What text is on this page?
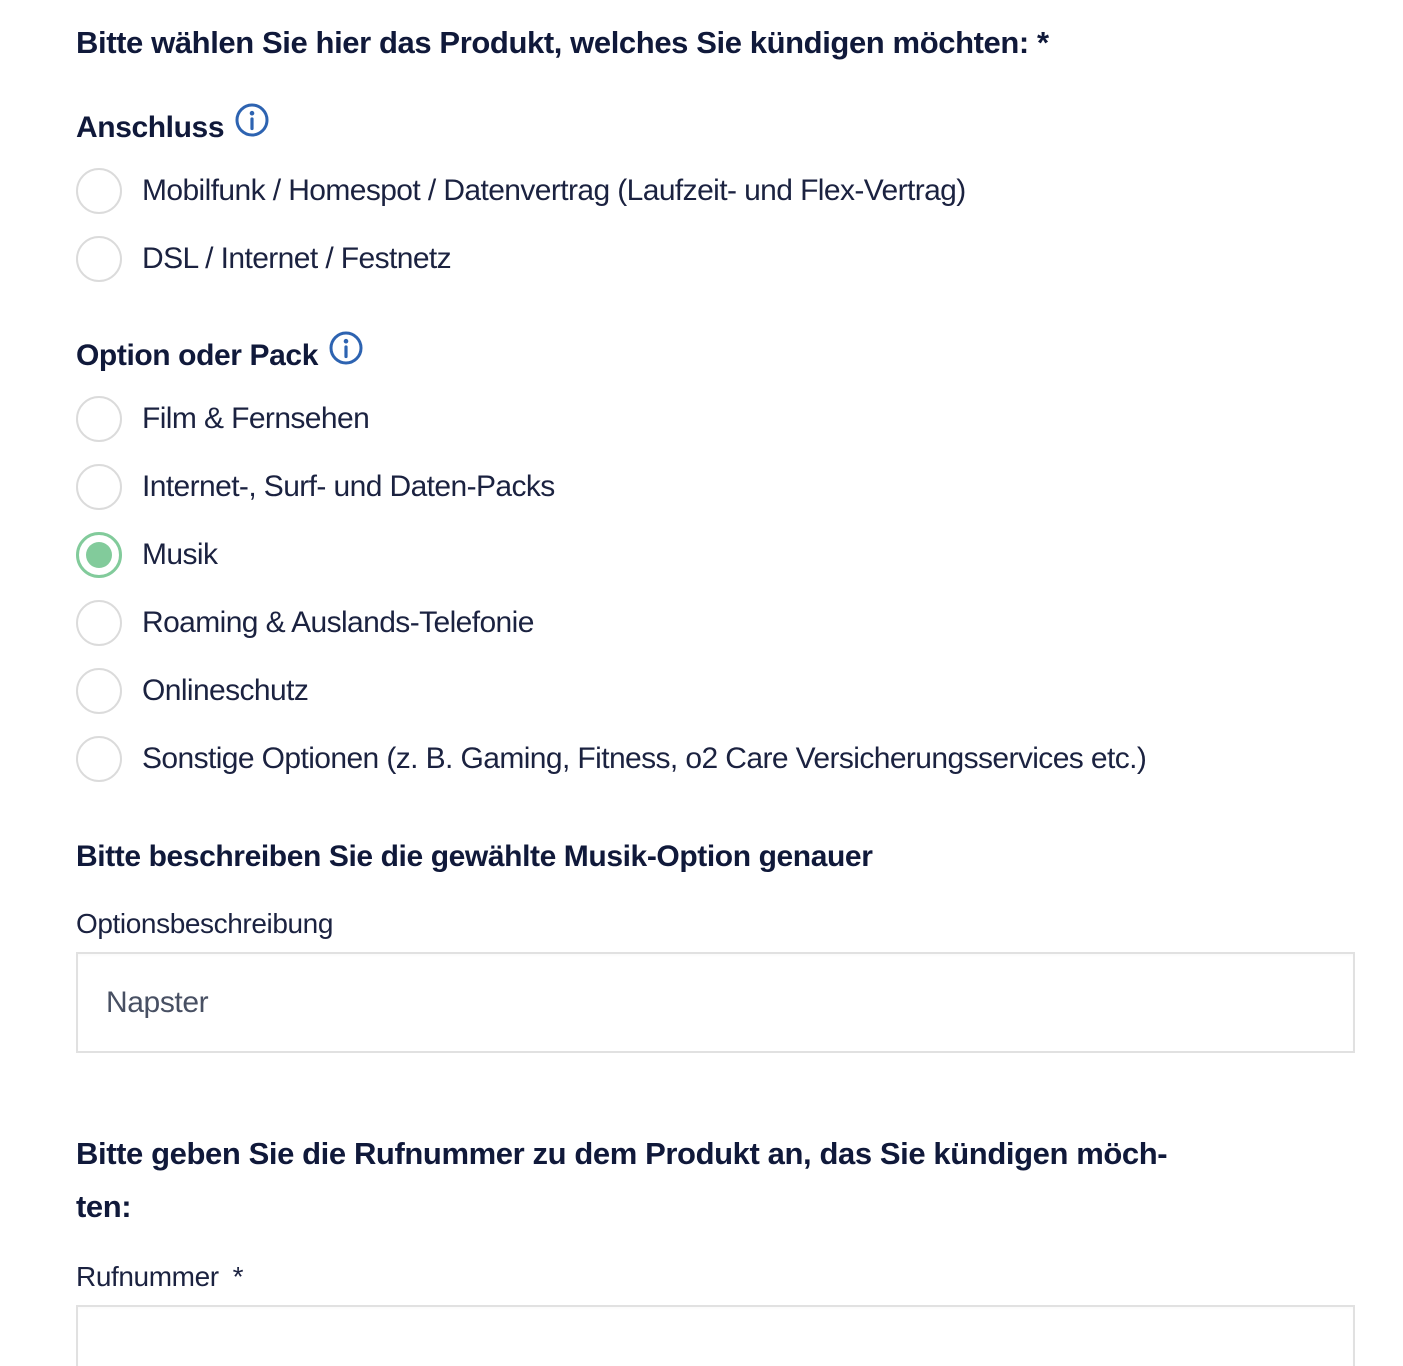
Bitte wählen Sie hier das Produkt, welches Sie kündigen möchten: *
Anschluss
Mobilfunk / Homespot / Datenvertrag (Laufzeit- und Flex-Vertrag)
DSL / Internet / Festnetz
Option oder Pack
Film & Fernsehen
Internet-, Surf- und Daten-Packs
Musik
Roaming & Auslands-Telefonie
Onlineschutz
Sonstige Optionen (z. B. Gaming, Fitness, o2 Care Versicherungsservices etc.)
Bitte beschreiben Sie die gewählte Musik-Option genauer
Optionsbeschreibung
Napster
Bitte geben Sie die Rufnummer zu dem Produkt an, das Sie kündigen möch-
ten:
Rufnummer *
